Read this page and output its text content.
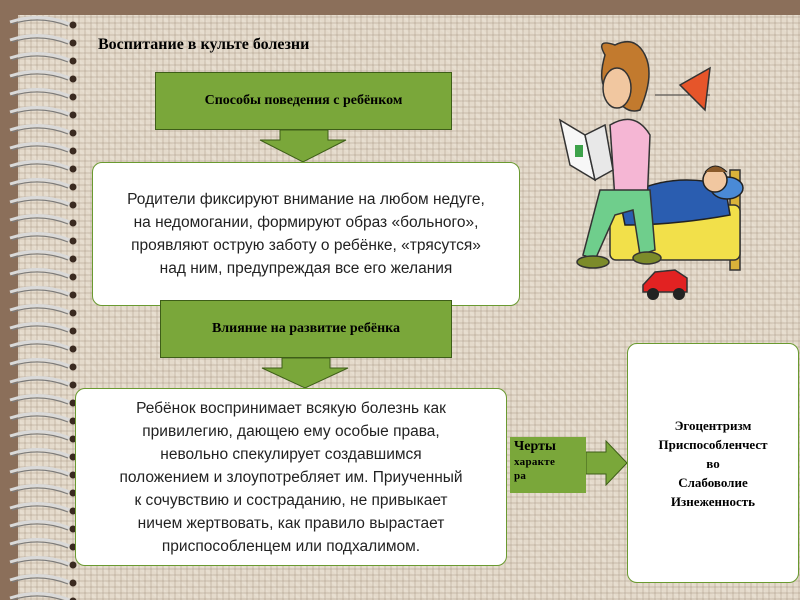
Воспитание в культе болезни
Способы поведения с ребёнком
Родители фиксируют внимание на любом недуге,
на недомогании, формируют образ «больного»,
проявляют острую заботу о ребёнке, «трясутся»
над ним, предупреждая все его желания
Влияние на развитие ребёнка
Ребёнок воспринимает всякую болезнь как
привилегию, дающею ему особые права,
невольно спекулирует создавшимся
положением и злоупотребляет им. Приученный
к сочувствию и состраданию, не привыкает
ничем жертвовать, как правило вырастает
приспособленцем или подхалимом.
Черты
характе
ра
Эгоцентризм
Приспособленчест
во
Слабоволие
Изнеженность
